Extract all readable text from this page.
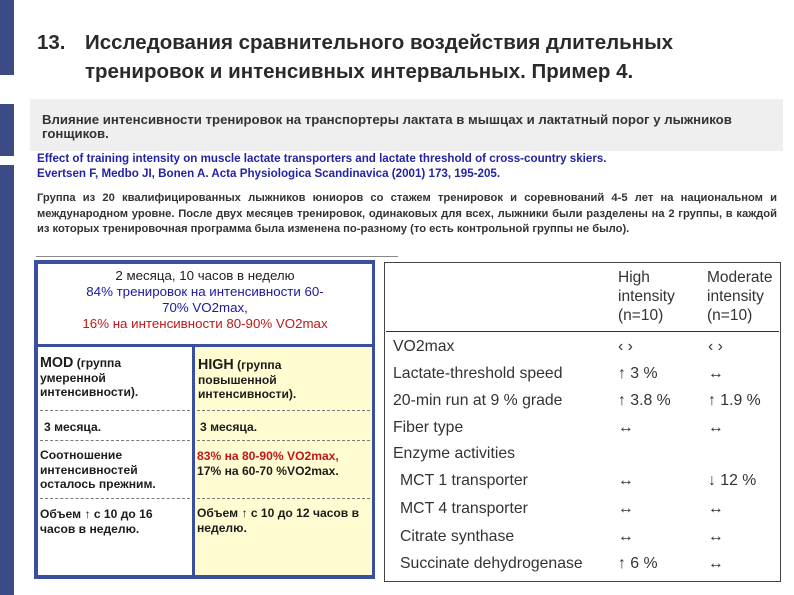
13. Исследования сравнительного воздействия длительных
тренировок и интенсивных интервальных. Пример 4.
Влияние интенсивности тренировок на транспортеры лактата в мышцах и лактатный порог у лыжников гонщиков.
Effect of training intensity on muscle lactate transporters and lactate threshold of cross-country skiers.
Evertsen F, Medbo JI, Bonen A. Acta Physiologica Scandinavica (2001) 173, 195-205.
Группа из 20 квалифицированных лыжников юниоров со стажем тренировок и соревнований 4-5 лет на национальном и международном уровне. После двух месяцев тренировок, одинаковых для всех, лыжники были разделены на 2 группы, в каждой из которых тренировочная программа была изменена по-разному (то есть контрольной группы не было).
2 месяца, 10 часов в неделю
84% тренировок на интенсивности 60-
70% VO2max,
16% на интенсивности 80-90% VO2max
MOD (группа
умеренной интенсивности).
3 месяца.
Соотношение интенсивностей осталось прежним.
Объем ↑ с 10 до 16 часов в неделю.
HIGH (группа
повышенной интенсивности).
3 месяца.
83% на 80-90% VO2max,
17% на 60-70 %VO2max.
Объем ↑ с 10 до 12 часов в неделю.
High
intensity
(n=10)
Moderate
intensity
(n=10)
VO2max	‹ ›	‹ ›
Lactate-threshold speed	↑ 3 %	↔
20-min run at 9 % grade	↑ 3.8 % ↑ 1.9 %
Fiber type	↔	↔
Enzyme activities
MCT 1 transporter	↔	↓ 12 %
MCT 4 transporter	↔	↔
Citrate synthase	↔	↔
Succinate dehydrogenase ↑ 6 %	↔
